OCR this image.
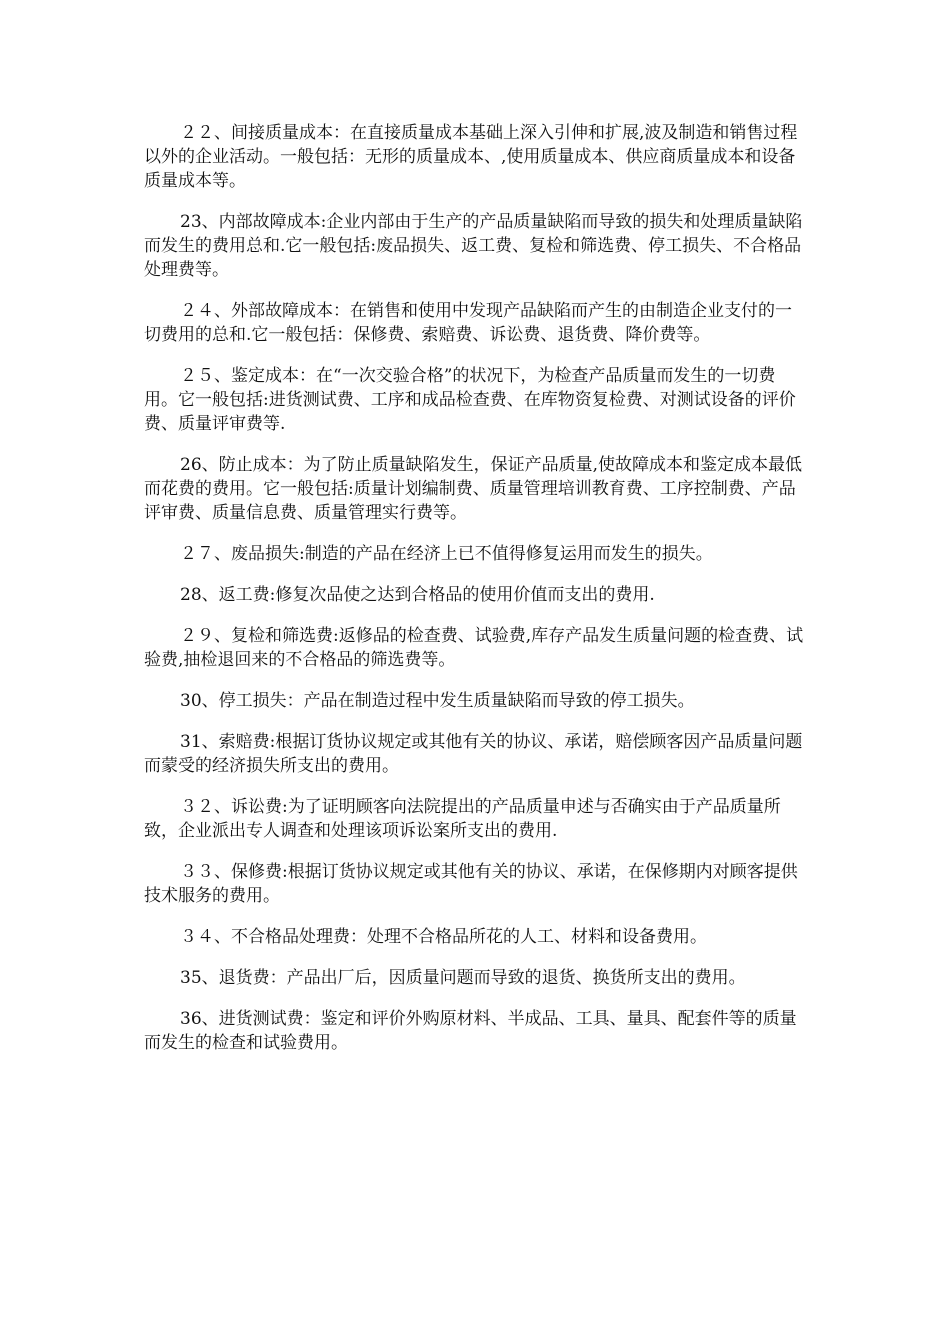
２２、间接质量成本：在直接质量成本基础上深入引伸和扩展,波及制造和销售过程以外的企业活动。一般包括：无形的质量成本、,使用质量成本、供应商质量成本和设备质量成本等。

23、内部故障成本:企业内部由于生产的产品质量缺陷而导致的损失和处理质量缺陷而发生的费用总和.它一般包括:废品损失、返工费、复检和筛选费、停工损失、不合格品处理费等。

２４、外部故障成本：在销售和使用中发现产品缺陷而产生的由制造企业支付的一切费用的总和.它一般包括：保修费、索赔费、诉讼费、退货费、降价费等。

２５、鉴定成本：在“一次交验合格”的状况下，为检查产品质量而发生的一切费用。它一般包括:进货测试费、工序和成品检查费、在库物资复检费、对测试设备的评价费、质量评审费等.

26、防止成本：为了防止质量缺陷发生，保证产品质量,使故障成本和鉴定成本最低而花费的费用。它一般包括:质量计划编制费、质量管理培训教育费、工序控制费、产品评审费、质量信息费、质量管理实行费等。

２７、废品损失:制造的产品在经济上已不值得修复运用而发生的损失。

28、返工费:修复次品使之达到合格品的使用价值而支出的费用.

２９、复检和筛选费:返修品的检查费、试验费,库存产品发生质量问题的检查费、试验费,抽检退回来的不合格品的筛选费等。

30、停工损失：产品在制造过程中发生质量缺陷而导致的停工损失。

31、索赔费:根据订货协议规定或其他有关的协议、承诺，赔偿顾客因产品质量问题而蒙受的经济损失所支出的费用。

３２、诉讼费:为了证明顾客向法院提出的产品质量申述与否确实由于产品质量所致，企业派出专人调查和处理该项诉讼案所支出的费用.

３３、保修费:根据订货协议规定或其他有关的协议、承诺，在保修期内对顾客提供技术服务的费用。

３４、不合格品处理费：处理不合格品所花的人工、材料和设备费用。

35、退货费：产品出厂后，因质量问题而导致的退货、换货所支出的费用。

36、进货测试费：鉴定和评价外购原材料、半成品、工具、量具、配套件等的质量而发生的检查和试验费用。
